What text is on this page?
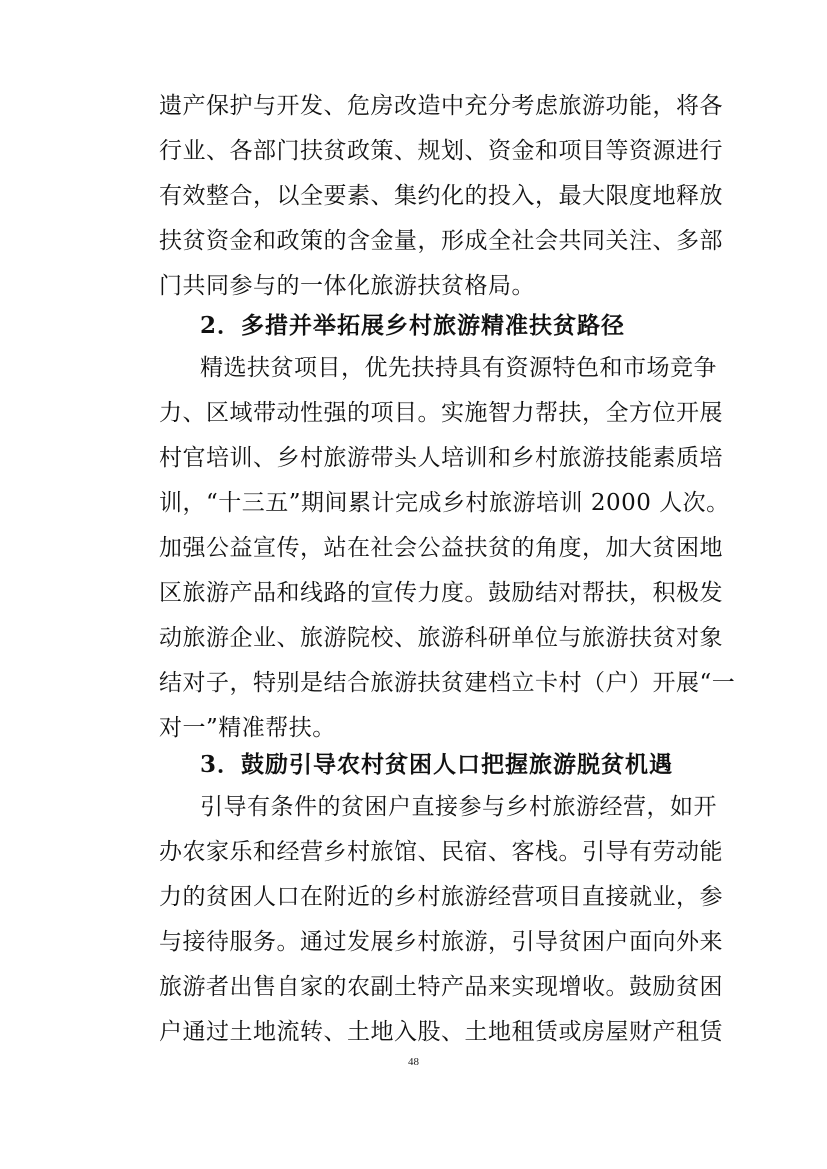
遗产保护与开发、危房改造中充分考虑旅游功能，将各
行业、各部门扶贫政策、规划、资金和项目等资源进行
有效整合，以全要素、集约化的投入，最大限度地释放
扶贫资金和政策的含金量，形成全社会共同关注、多部
门共同参与的一体化旅游扶贫格局。
2．多措并举拓展乡村旅游精准扶贫路径
精选扶贫项目，优先扶持具有资源特色和市场竞争
力、区域带动性强的项目。实施智力帮扶，全方位开展
村官培训、乡村旅游带头人培训和乡村旅游技能素质培
训，“十三五”期间累计完成乡村旅游培训 2000 人次。
加强公益宣传，站在社会公益扶贫的角度，加大贫困地
区旅游产品和线路的宣传力度。鼓励结对帮扶，积极发
动旅游企业、旅游院校、旅游科研单位与旅游扶贫对象
结对子，特别是结合旅游扶贫建档立卡村（户）开展“一
对一”精准帮扶。
3．鼓励引导农村贫困人口把握旅游脱贫机遇
引导有条件的贫困户直接参与乡村旅游经营，如开
办农家乐和经营乡村旅馆、民宿、客栈。引导有劳动能
力的贫困人口在附近的乡村旅游经营项目直接就业，参
与接待服务。通过发展乡村旅游，引导贫困户面向外来
旅游者出售自家的农副土特产品来实现增收。鼓励贫困
户通过土地流转、土地入股、土地租赁或房屋财产租赁
48
